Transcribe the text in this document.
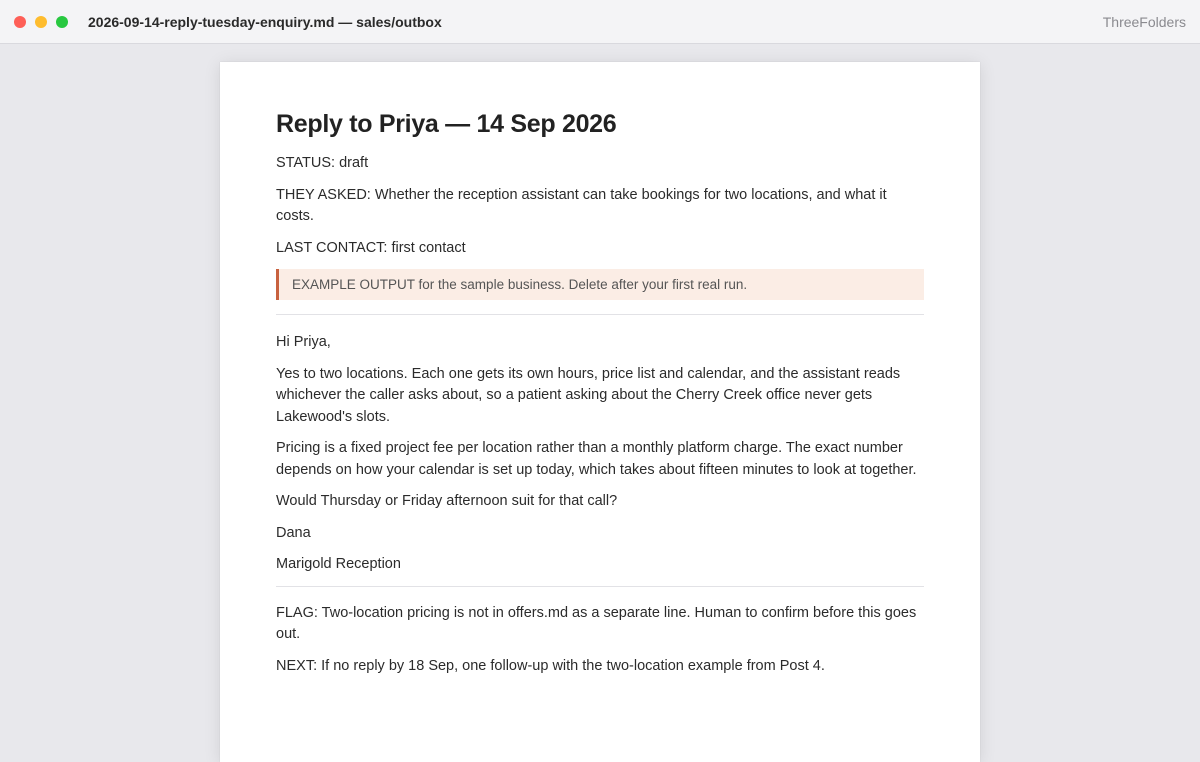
2026-09-14-reply-tuesday-enquiry.md — sales/outbox	ThreeFolders
Reply to Priya — 14 Sep 2026

STATUS: draft

THEY ASKED: Whether the reception assistant can take bookings for two locations, and what it costs.

LAST CONTACT: first contact

EXAMPLE OUTPUT for the sample business. Delete after your first real run.

Hi Priya,

Yes to two locations. Each one gets its own hours, price list and calendar, and the assistant reads whichever the caller asks about, so a patient asking about the Cherry Creek office never gets Lakewood's slots.

Pricing is a fixed project fee per location rather than a monthly platform charge. The exact number depends on how your calendar is set up today, which takes about fifteen minutes to look at together.

Would Thursday or Friday afternoon suit for that call?

Dana

Marigold Reception

FLAG: Two-location pricing is not in offers.md as a separate line. Human to confirm before this goes out.

NEXT: If no reply by 18 Sep, one follow-up with the two-location example from Post 4.
